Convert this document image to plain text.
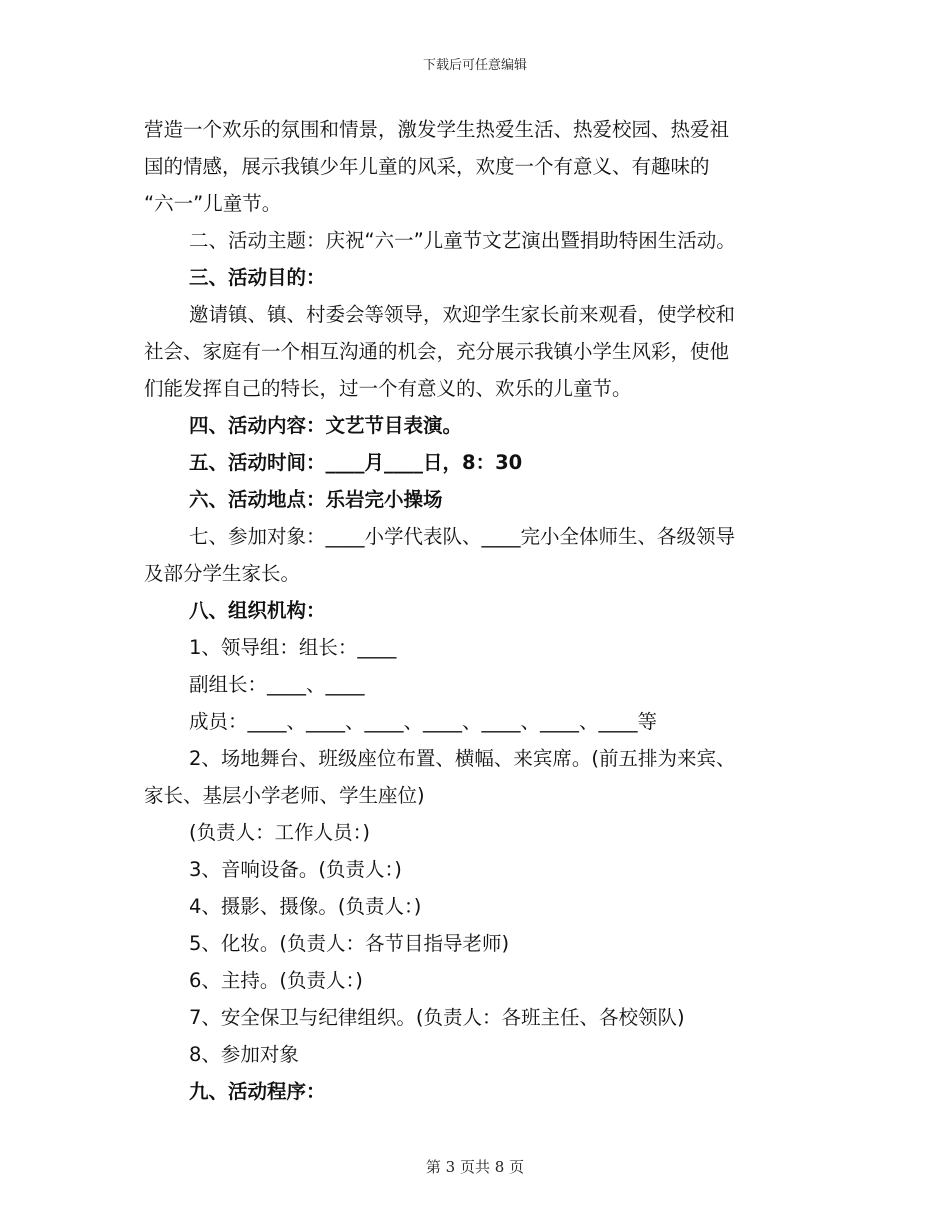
下载后可任意编辑
营造一个欢乐的氛围和情景，激发学生热爱生活、热爱校园、热爱祖
国的情感，展示我镇少年儿童的风采，欢度一个有意义、有趣味的
“六一”儿童节。
二、活动主题：庆祝“六一”儿童节文艺演出暨捐助特困生活动。
三、活动目的：
邀请镇、镇、村委会等领导，欢迎学生家长前来观看，使学校和
社会、家庭有一个相互沟通的机会，充分展示我镇小学生风彩，使他
们能发挥自己的特长，过一个有意义的、欢乐的儿童节。
四、活动内容：文艺节目表演。
五、活动时间：____月____日，8：30
六、活动地点：乐岩完小操场
七、参加对象：____小学代表队、____完小全体师生、各级领导
及部分学生家长。
八、组织机构：
1、领导组：组长：____
副组长：____、____
成员：____、____、____、____、____、____、____等
2、场地舞台、班级座位布置、横幅、来宾席。(前五排为来宾、
家长、基层小学老师、学生座位)
(负责人：工作人员：)
3、音响设备。(负责人：)
4、摄影、摄像。(负责人：)
5、化妆。(负责人：各节目指导老师)
6、主持。(负责人：)
7、安全保卫与纪律组织。(负责人：各班主任、各校领队)
8、参加对象
九、活动程序：
第 3 页共 8 页
